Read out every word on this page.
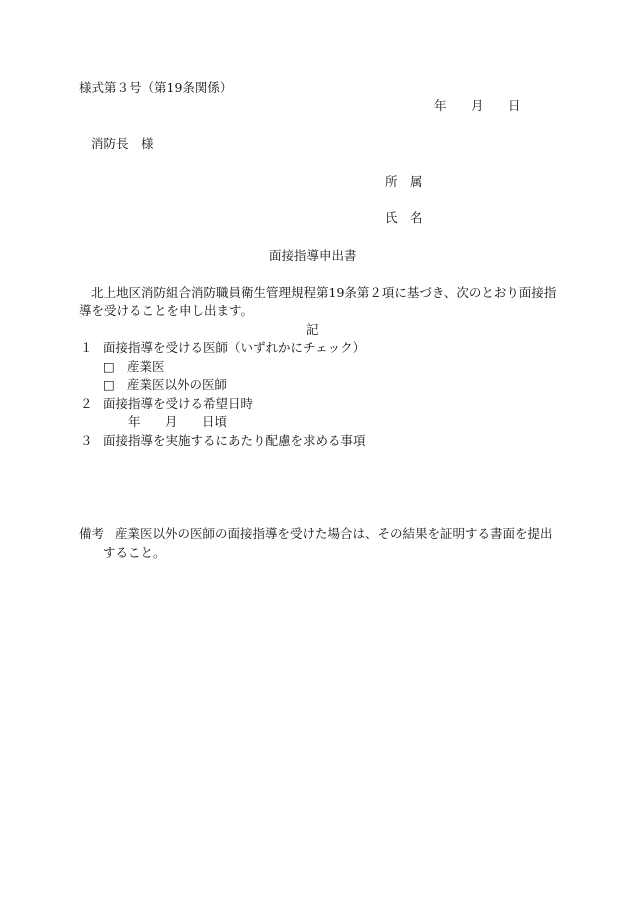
様式第３号（第19条関係）
年 月 日
消防長　様
所　属
氏　名
面接指導申出書
北上地区消防組合消防職員衛生管理規程第19条第２項に基づき、次のとおり面接指
導を受けることを申し出ます。
記
１ 面接指導を受ける医師（いずれかにチェック）
□ 産業医
□ 産業医以外の医師
２ 面接指導を受ける希望日時
年 月 日頃
３ 面接指導を実施するにあたり配慮を求める事項
備考 産業医以外の医師の面接指導を受けた場合は、その結果を証明する書面を提出
すること。
